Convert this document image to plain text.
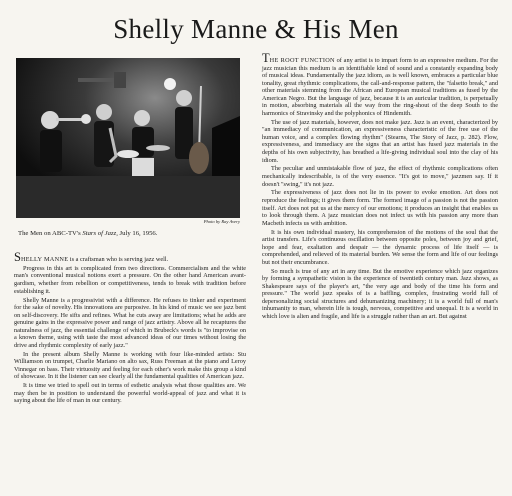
Shelly Manne & His Men
Photo by Ray Avery
The Men on ABC-TV's Stars of Jazz, July 16, 1956.

SHELLY MANNE is a craftsman who is serving jazz well.

Progress in this art is complicated from two directions. Commercialism and the white man's conventional musical notions exert a pressure. On the other hand American avant-gardism, whether from rebellion or competitiveness, tends to break with tradition before establishing it.

Shelly Manne is a progressivist with a difference. He refuses to tinker and experiment for the sake of novelty. His innovations are purposive. In his kind of music we see jazz bent on self-discovery. He sifts and refines. What he cuts away are limitations; what he adds are genuine gains in the expressive power and range of jazz artistry. Above all he recaptures the naturalness of jazz, the essential challenge of which in Brubeck's words is "to improvise on a known theme, using with taste the most advanced ideas of our times without losing the drive and rhythmic complexity of early jazz."

In the present album Shelly Manne is working with four like-minded artists: Stu Williamson on trumpet, Charlie Mariano on alto sax, Russ Freeman at the piano and Leroy Vinnegar on bass. Their virtuosity and feeling for each other's work make this group a kind of showcase. In it the listener can see clearly all the fundamental qualities of American jazz.

It is time we tried to spell out in terms of esthetic analysis what those qualities are. We may then be in position to understand the powerful world-appeal of jazz and what it is saying about the life of man in our century.

THE ROOT FUNCTION of any artist is to impart form to an expressive medium. For the jazz musician this medium is an identifiable kind of sound and a constantly expanding body of musical ideas. Fundamentally the jazz idiom, as is well known, embraces a particular blue tonality, great rhythmic complications, the call-and-response pattern, the "falsetto break," and other materials stemming from the African and European musical traditions as fused by the American Negro. But the language of jazz, because it is an auricular tradition, is perpetually in motion, absorbing materials all the way from the ring-shout of the deep South to the harmonics of Stravinsky and the polyphonics of Hindemith.

The use of jazz materials, however, does not make jazz. Jazz is an event, characterized by "an immediacy of communication, an expressiveness characteristic of the free use of the human voice, and a complex flowing rhythm" (Stearns, The Story of Jazz, p. 282). Flow, expressiveness, and immediacy are the signs that an artist has fused jazz materials in the depths of his own subjectivity, has breathed a life-giving individual soul into the clay of his idiom.

The peculiar and unmistakable flow of jazz, the effect of rhythmic complications often mechanically indescribable, is of the very essence. "It's got to move," jazzmen say. If it doesn't "swing," it's not jazz.

The expressiveness of jazz does not lie in its power to evoke emotion. Art does not reproduce the feelings; it gives them form. The formed image of a passion is not the passion itself. Art does not put us at the mercy of our emotions; it produces an insight that enables us to look through them. A jazz musician does not infect us with his passion any more than Macbeth infects us with ambition.

It is his own individual mastery, his comprehension of the motions of the soul that the artist transfers. Life's continuous oscillation between opposite poles, between joy and grief, hope and fear, exaltation and despair — the dynamic process of life itself — is comprehended, and relieved of its material burden. We sense the form and life of our feelings but not their encumbrance.

So much is true of any art in any time. But the emotive experience which jazz organizes by forming a sympathetic vision is the experience of twentieth century man. Jazz shows, as Shakespeare says of the player's art, "the very age and body of the time his form and pressure." The world jazz speaks of is a baffling, complex, frustrating world full of depersonalizing social structures and dehumanizing machinery; it is a world full of man's inhumanity to man, wherein life is tough, nervous, competitive and unequal. It is a world in which love is alien and fragile, and life is a struggle rather than an art. But against
